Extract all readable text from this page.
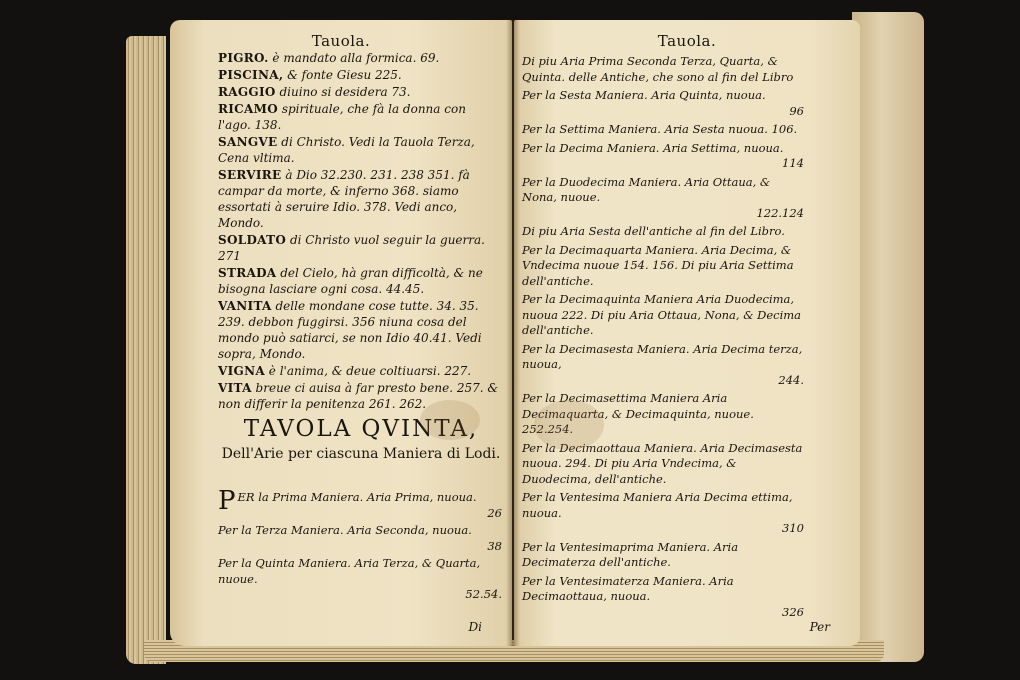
Tauola.

PIGRO. è mandato alla formica. 69.

PISCINA, & fonte Giesu 225.

RAGGIO diuino si desidera 73.

RICAMO spirituale, che fà la donna con l'ago. 138.

SANGVE di Christo. Vedi la Tauola Terza, Cena vltima.

SERVIRE à Dio 32.230. 231. 238 351. fà campar da morte, & inferno 368. siamo essortati à seruire Idio. 378. Vedi anco, Mondo.

SOLDATO di Christo vuol seguir la guerra. 271

STRADA del Cielo, hà gran difficoltà, & ne bisogna lasciare ogni cosa. 44.45.

VANITA delle mondane cose tutte. 34. 35. 239. debbon fuggirsi. 356 niuna cosa del mondo può satiarci, se non Idio 40.41. Vedi sopra, Mondo.

VIGNA è l'anima, & deue coltiuarsi. 227.

VITA breue ci auisa à far presto bene. 257. & non differir la penitenza 261. 262.

TAVOLA QVINTA,
Dell'Arie per ciascuna Maniera di Lodi.

PER la Prima Maniera. Aria Prima, nuoua.
26

Per la Terza Maniera. Aria Seconda, nuoua.
38

Per la Quinta Maniera. Aria Terza, & Quarta, nuoue.
52.54.

Di
Tauola.

Di piu Aria Prima Seconda Terza, Quarta, & Quinta. delle Antiche, che sono al fin del Libro

Per la Sesta Maniera. Aria Quinta, nuoua.
96

Per la Settima Maniera. Aria Sesta nuoua. 106.

Per la Decima Maniera. Aria Settima, nuoua.
114

Per la Duodecima Maniera. Aria Ottaua, & Nona, nuoue.
122.124

Di piu Aria Sesta dell'antiche al fin del Libro.

Per la Decimaquarta Maniera. Aria Decima, & Vndecima nuoue 154. 156. Di piu Aria Settima dell'antiche.

Per la Decimaquinta Maniera Aria Duodecima, nuoua 222. Di piu Aria Ottaua, Nona, & Decima dell'antiche.

Per la Decimasesta Maniera. Aria Decima terza, nuoua,
244.

Per la Decimasettima Maniera Aria Decimaquarta, & Decimaquinta, nuoue. 252.254.

Per la Decimaottaua Maniera. Aria Decimasesta nuoua. 294. Di piu Aria Vndecima, & Duodecima, dell'antiche.

Per la Ventesima Maniera Aria Decima ettima, nuoua.
310

Per la Ventesimaprima Maniera. Aria Decimaterza dell'antiche.

Per la Ventesimaterza Maniera. Aria Decimaottaua, nuoua.
326

Per
